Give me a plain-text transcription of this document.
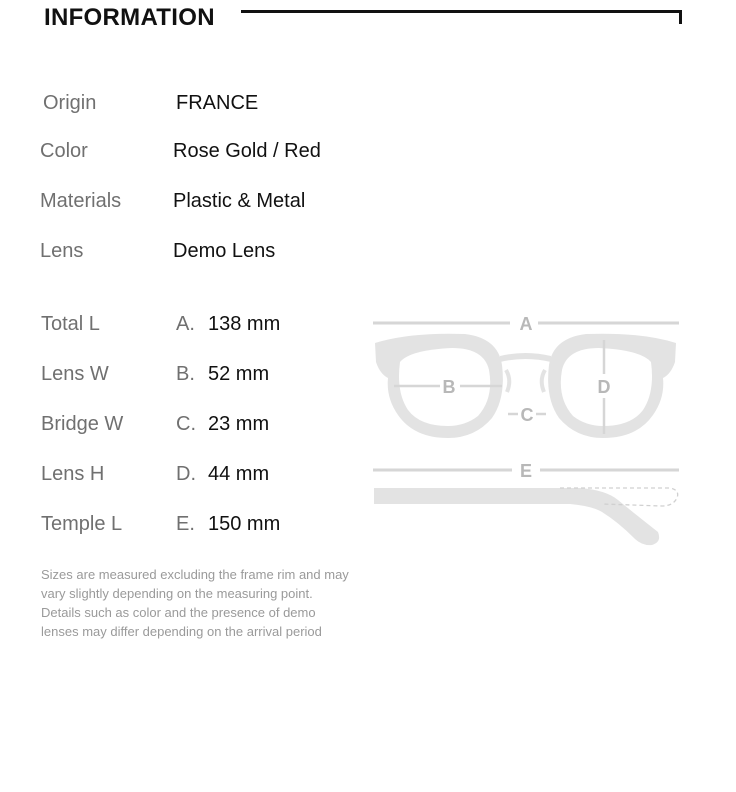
INFORMATION
Origin	FRANCE
Color	Rose Gold / Red
Materials	Plastic & Metal
Lens	Demo Lens
Total L	A. 138 mm
Lens W	B. 52 mm
Bridge W	C. 23 mm
Lens H	D. 44 mm
Temple L	E. 150 mm
Sizes are measured excluding the frame rim and may
vary slightly depending on the measuring point.
Details such as color and the presence of demo
lenses may differ depending on the arrival period
A
B
C
D
E
